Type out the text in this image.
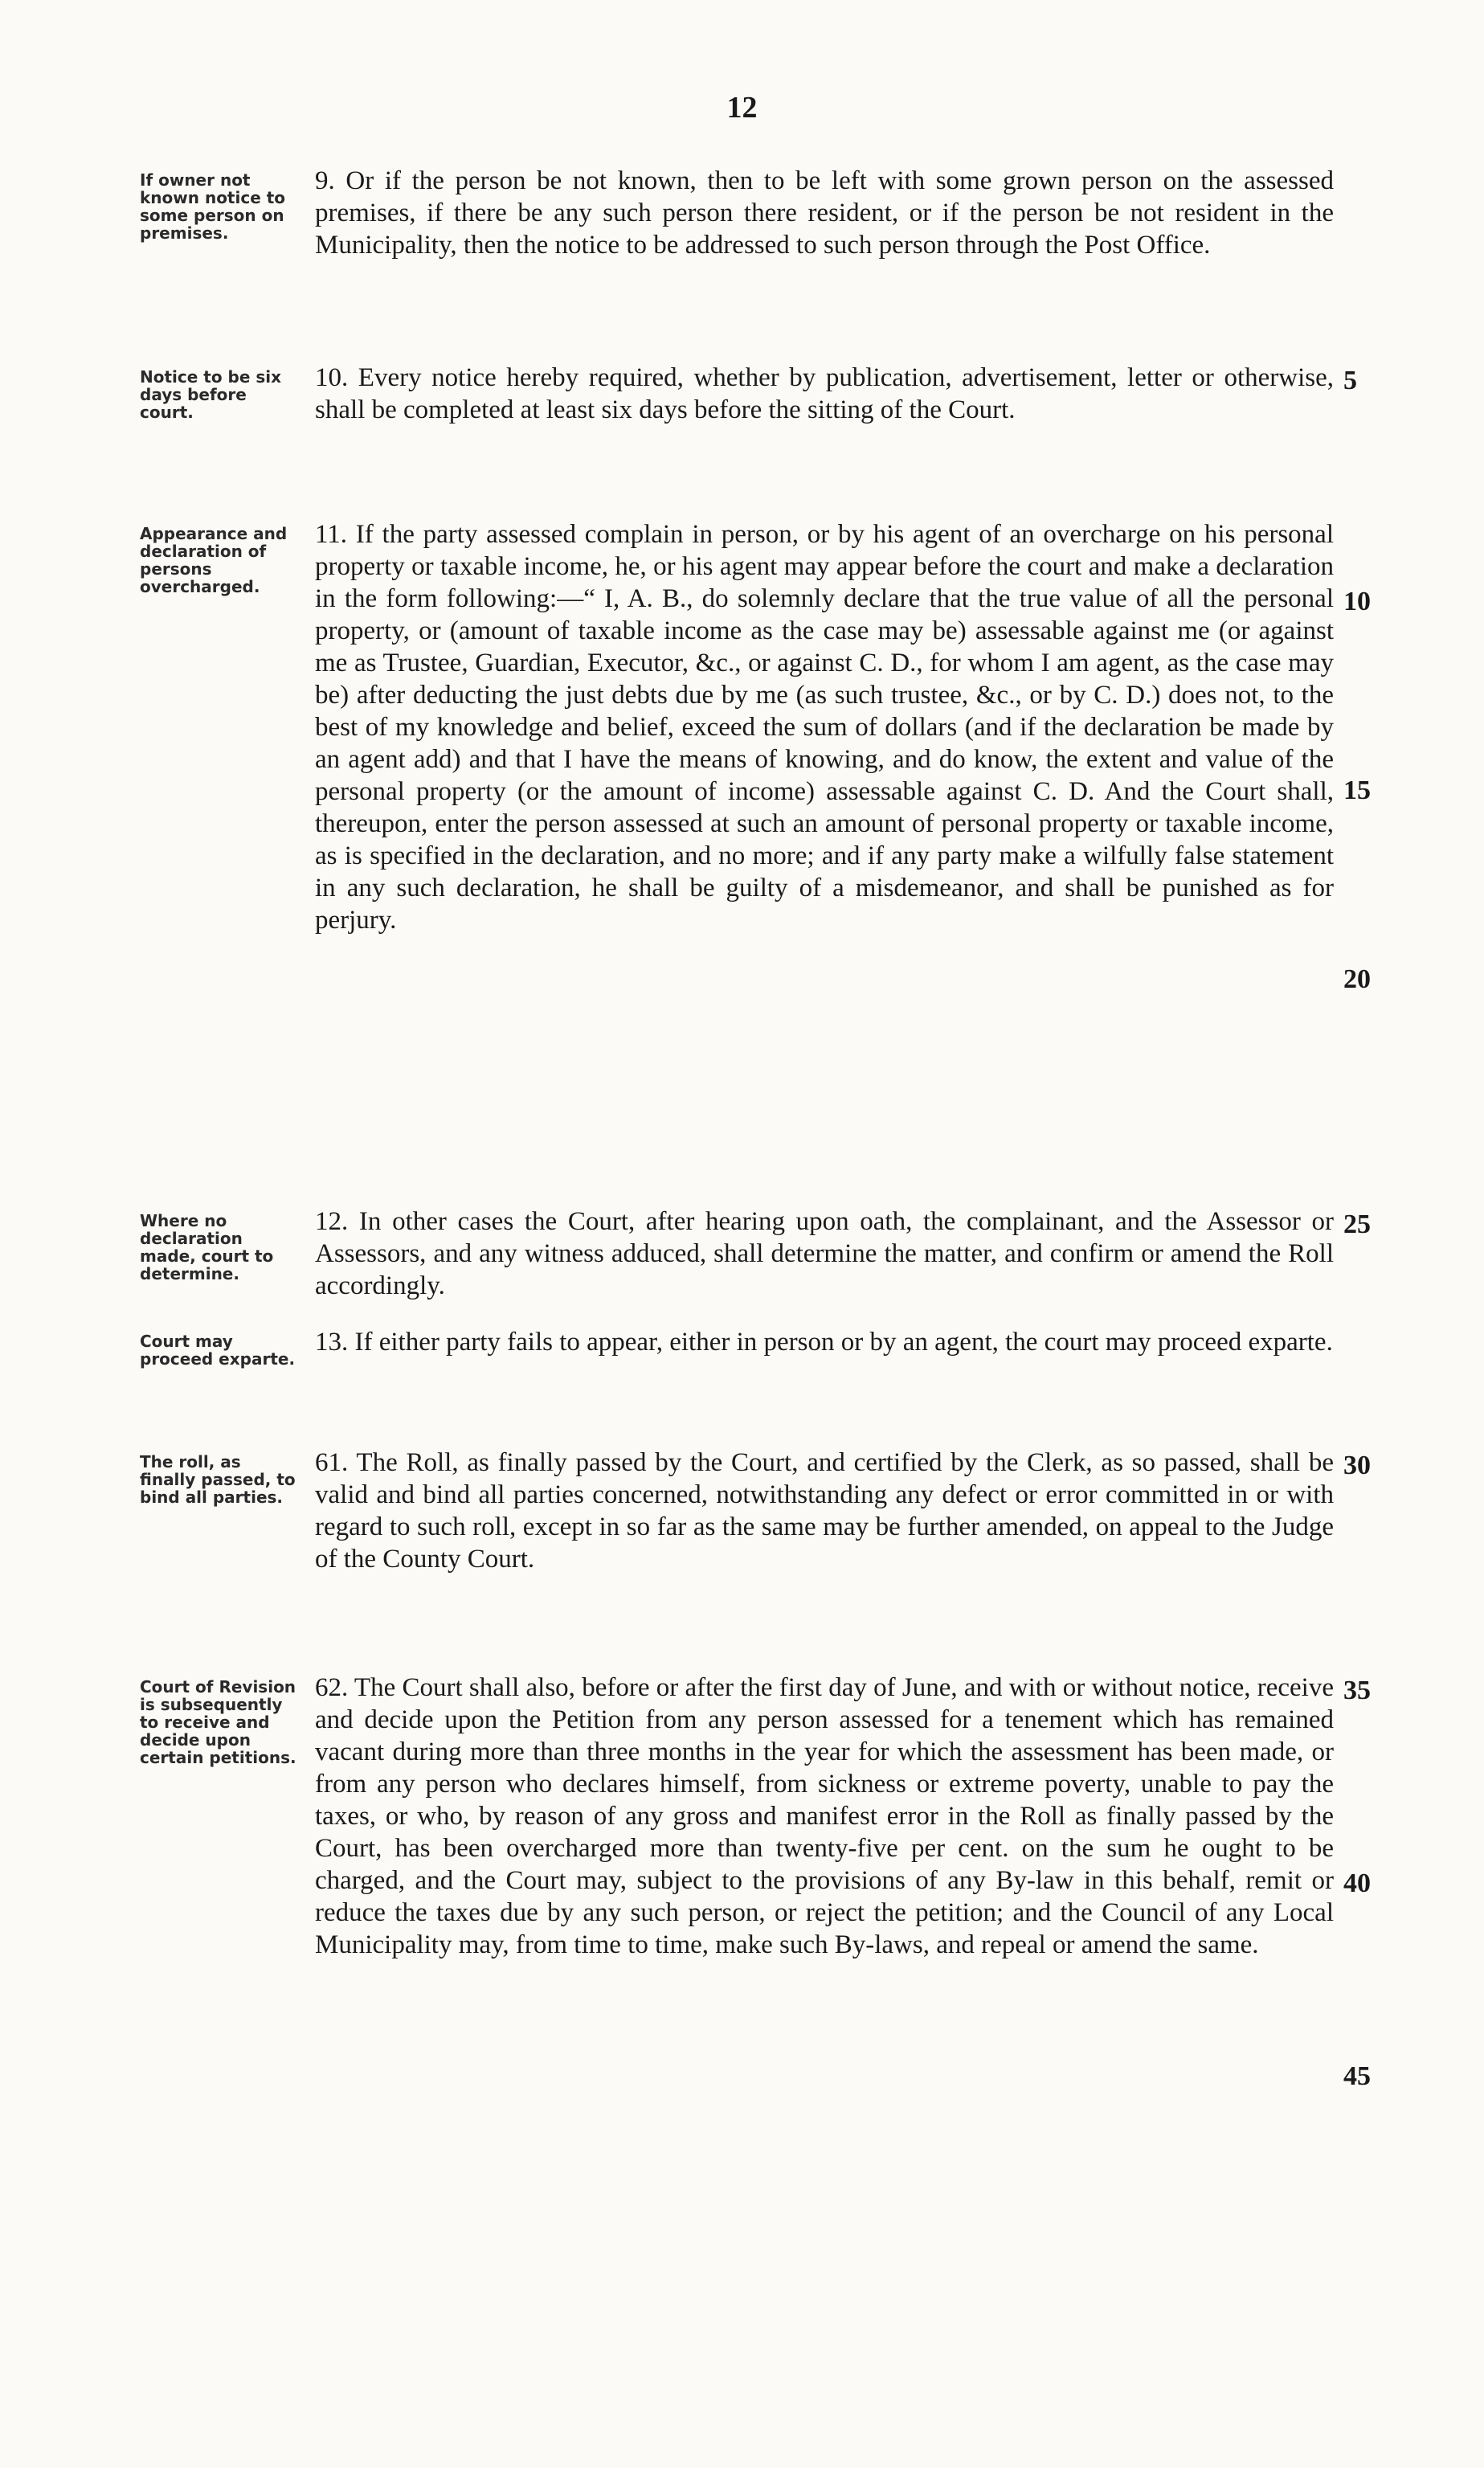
12

If owner not known notice to some person on premises.

9. Or if the person be not known, then to be left with some grown person on the assessed premises, if there be any such person there resident, or if the person be not resident in the Municipality, then the notice to be addressed to such person through the Post Office.

Notice to be six days before court.

10. Every notice hereby required, whether by publication, advertisement, letter or otherwise, shall be completed at least six days before the sitting of the Court.

Appearance and declaration of persons overcharged.

11. If the party assessed complain in person, or by his agent of an overcharge on his personal property or taxable income, he, or his agent may appear before the court and make a declaration in the form following:—“ I, A. B., do solemnly declare that the true value of all the personal property, or (amount of taxable income as the case may be) assessable against me (or against me as Trustee, Guardian, Executor, &c., or against C. D., for whom I am agent, as the case may be) after deducting the just debts due by me (as such trustee, &c., or by C. D.) does not, to the best of my knowledge and belief, exceed the sum of dollars (and if the declaration be made by an agent add) and that I have the means of knowing, and do know, the extent and value of the personal property (or the amount of income) assessable against C. D. And the Court shall, thereupon, enter the person assessed at such an amount of personal property or taxable income, as is specified in the declaration, and no more; and if any party make a wilfully false statement in any such declaration, he shall be guilty of a misdemeanor, and shall be punished as for perjury.

Where no declaration made, court to determine.

12. In other cases the Court, after hearing upon oath, the complainant, and the Assessor or Assessors, and any witness adduced, shall determine the matter, and confirm or amend the Roll accordingly.

Court may proceed exparte.

13. If either party fails to appear, either in person or by an agent, the court may proceed exparte.

The roll, as finally passed, to bind all parties.

61. The Roll, as finally passed by the Court, and certified by the Clerk, as so passed, shall be valid and bind all parties concerned, notwithstanding any defect or error committed in or with regard to such roll, except in so far as the same may be further amended, on appeal to the Judge of the County Court.

Court of Revision is subsequently to receive and decide upon certain petitions.

62. The Court shall also, before or after the first day of June, and with or without notice, receive and decide upon the Petition from any person assessed for a tenement which has remained vacant during more than three months in the year for which the assessment has been made, or from any person who declares himself, from sickness or extreme poverty, unable to pay the taxes, or who, by reason of any gross and manifest error in the Roll as finally passed by the Court, has been overcharged more than twenty-five per cent. on the sum he ought to be charged, and the Court may, subject to the provisions of any By-law in this behalf, remit or reduce the taxes due by any such person, or reject the petition; and the Council of any Local Municipality may, from time to time, make such By-laws, and repeal or amend the same.

5

10

15

20

25

30

35

40

45
